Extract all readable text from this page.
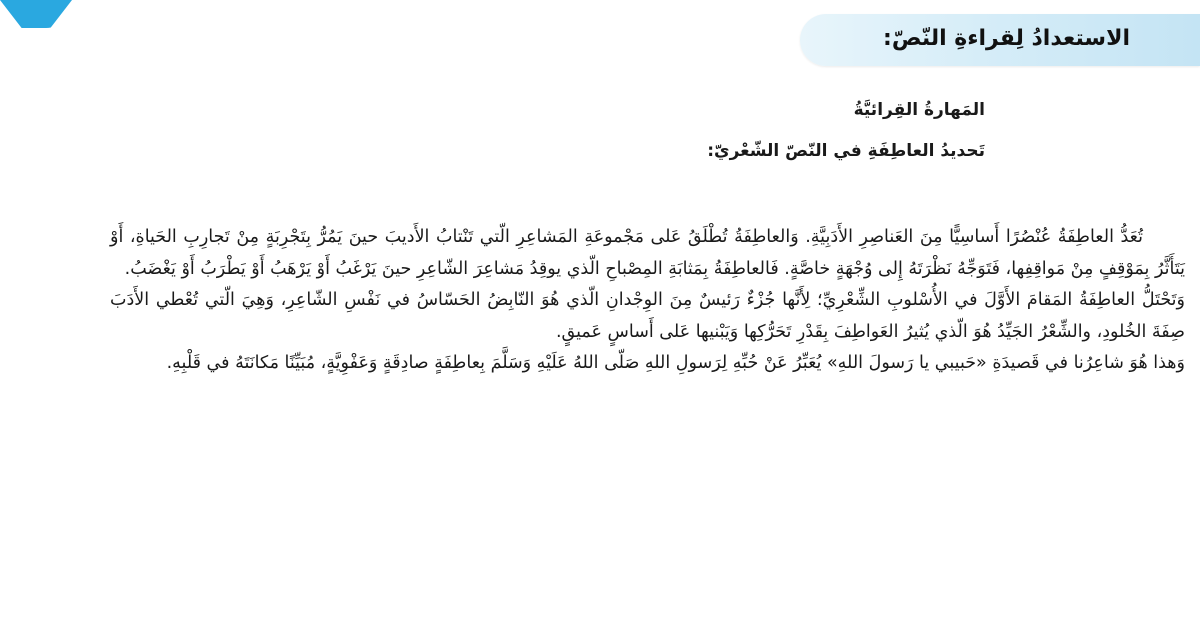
الاستعدادُ لِقراءةِ النّصّ:
المَهارةُ القِرائيَّةُ
تَحديدُ العاطِفَةِ في النّصّ الشّعْريّ:

تُعَدُّ العاطِفَةُ عُنْصُرًا أَساسِيًّا مِنَ العَناصِرِ الأَدَبِيَّةِ. وَالعاطِفَةُ تُطْلَقُ عَلى مَجْموعَةِ المَشاعِرِ الّتي تَنْتابُ الأَديبَ حينَ يَمُرُّ بِتَجْرِبَةٍ مِنْ تَجارِبِ الحَياةِ، أَوْ يَتَأَثَّرُ بِمَوْقِفٍ مِنْ مَواقِفِها، فَتَوَجِّهُ نَظْرَتَهُ إِلى وُجْهَةٍ خاصَّةٍ. فَالعاطِفَةُ بِمَثابَةِ المِصْباحِ الّذي يوقِدُ مَشاعِرَ الشّاعِرِ حينَ يَرْغَبُ أَوْ يَرْهَبُ أَوْ يَطْرَبُ أَوْ يَغْضَبُ.

وَتَحْتَلُّ العاطِفَةُ المَقامَ الأَوَّلَ في الأُسْلوبِ الشِّعْرِيِّ؛ لِأَنَّها جُزْءٌ رَئيسٌ مِنَ الوِجْدانِ الّذي هُوَ النّابِضُ الحَسّاسُ في نَفْسِ الشّاعِرِ، وَهِيَ الّتي تُعْطي الأَدَبَ صِفَةَ الخُلودِ، والشِّعْرُ الجَيِّدُ هُوَ الّذي يُثيرُ العَواطِفَ بِقَدْرِ تَحَرُّكِها وَيَبْنيها عَلى أَساسٍ عَميقٍ.

وَهذا هُوَ شاعِرُنا في قَصيدَةِ «حَبيبي يا رَسولَ اللهِ» يُعَبِّرُ عَنْ حُبِّهِ لِرَسولِ اللهِ صَلّى اللهُ عَلَيْهِ وَسَلَّمَ بِعاطِفَةٍ صادِقَةٍ وَعَفْوِيَّةٍ، مُبَيِّنًا مَكانَتَهُ في قَلْبِهِ.
